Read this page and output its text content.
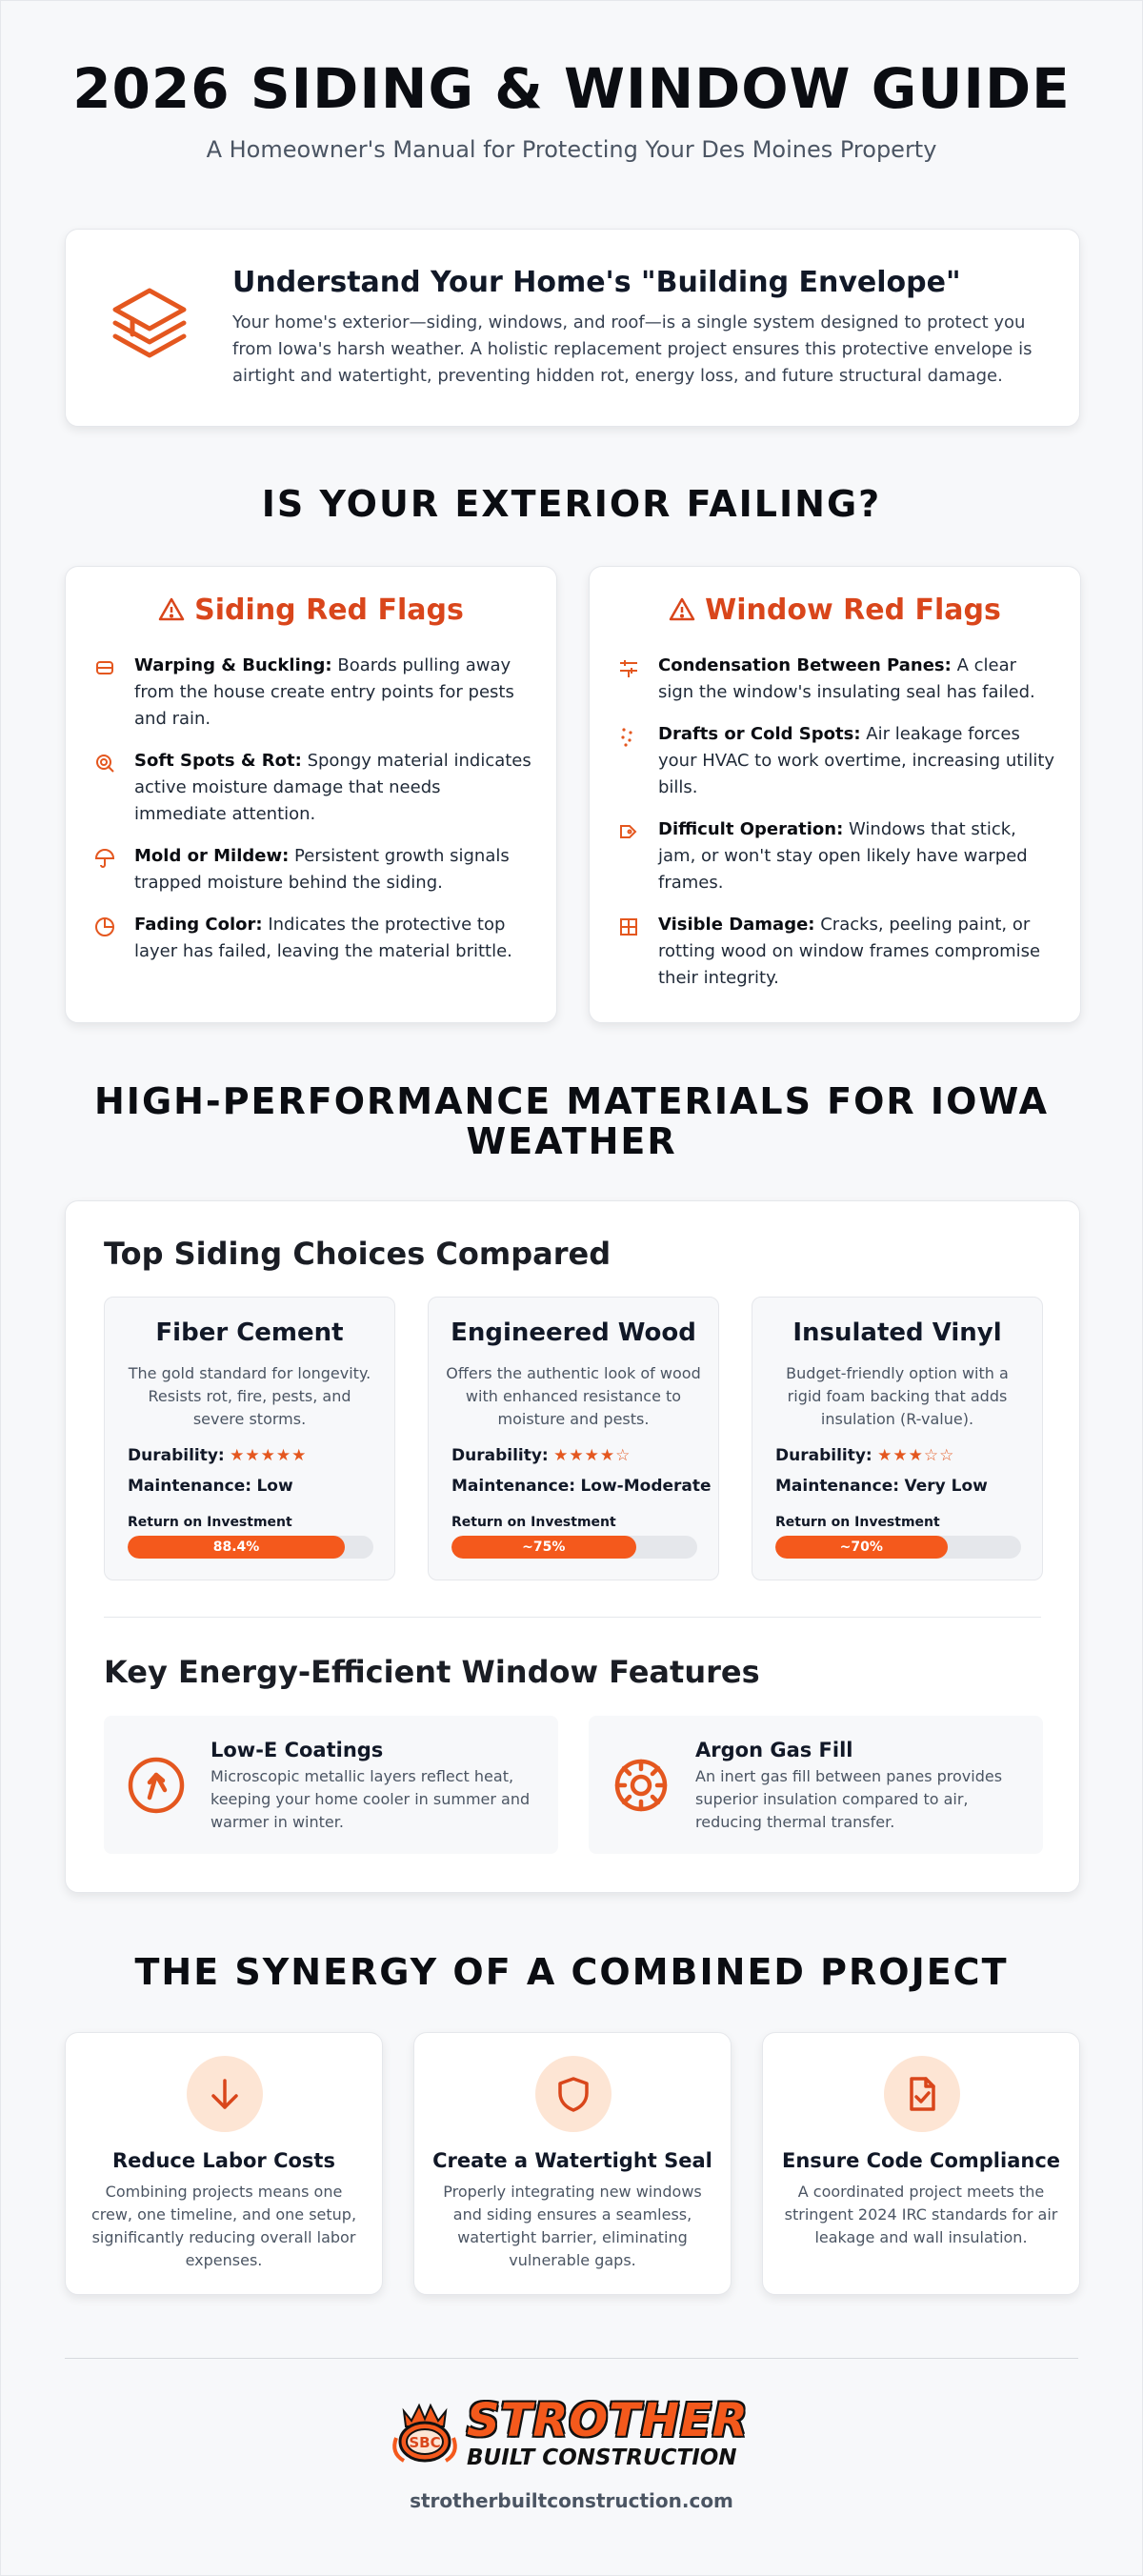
2026 SIDING & WINDOW GUIDE
A Homeowner's Manual for Protecting Your Des Moines Property
Understand Your Home's "Building Envelope"
Your home's exterior—siding, windows, and roof—is a single system designed to protect you from Iowa's harsh weather. A holistic replacement project ensures this protective envelope is airtight and watertight, preventing hidden rot, energy loss, and future structural damage.
IS YOUR EXTERIOR FAILING?
Siding Red Flags
Warping & Buckling: Boards pulling away from the house create entry points for pests and rain.
Soft Spots & Rot: Spongy material indicates active moisture damage that needs immediate attention.
Mold or Mildew: Persistent growth signals trapped moisture behind the siding.
Fading Color: Indicates the protective top layer has failed, leaving the material brittle.
Window Red Flags
Condensation Between Panes: A clear sign the window's insulating seal has failed.
Drafts or Cold Spots: Air leakage forces your HVAC to work overtime, increasing utility bills.
Difficult Operation: Windows that stick, jam, or won't stay open likely have warped frames.
Visible Damage: Cracks, peeling paint, or rotting wood on window frames compromise their integrity.
HIGH-PERFORMANCE MATERIALS FOR IOWA
WEATHER
Top Siding Choices Compared
Fiber Cement
The gold standard for longevity. Resists rot, fire, pests, and severe storms.
Durability: ★★★★★
Maintenance: Low
Return on Investment
88.4%
Engineered Wood
Offers the authentic look of wood with enhanced resistance to moisture and pests.
Durability: ★★★★☆
Maintenance: Low-Moderate
Return on Investment
~75%
Insulated Vinyl
Budget-friendly option with a rigid foam backing that adds insulation (R-value).
Durability: ★★★☆☆
Maintenance: Very Low
Return on Investment
~70%
Key Energy-Efficient Window Features
Low-E Coatings
Microscopic metallic layers reflect heat, keeping your home cooler in summer and warmer in winter.
Argon Gas Fill
An inert gas fill between panes provides superior insulation compared to air, reducing thermal transfer.
THE SYNERGY OF A COMBINED PROJECT
Reduce Labor Costs
Combining projects means one crew, one timeline, and one setup, significantly reducing overall labor expenses.
Create a Watertight Seal
Properly integrating new windows and siding ensures a seamless, watertight barrier, eliminating vulnerable gaps.
Ensure Code Compliance
A coordinated project meets the stringent 2024 IRC standards for air leakage and wall insulation.
SBC STROTHER
BUILT CONSTRUCTION
strotherbuiltconstruction.com
